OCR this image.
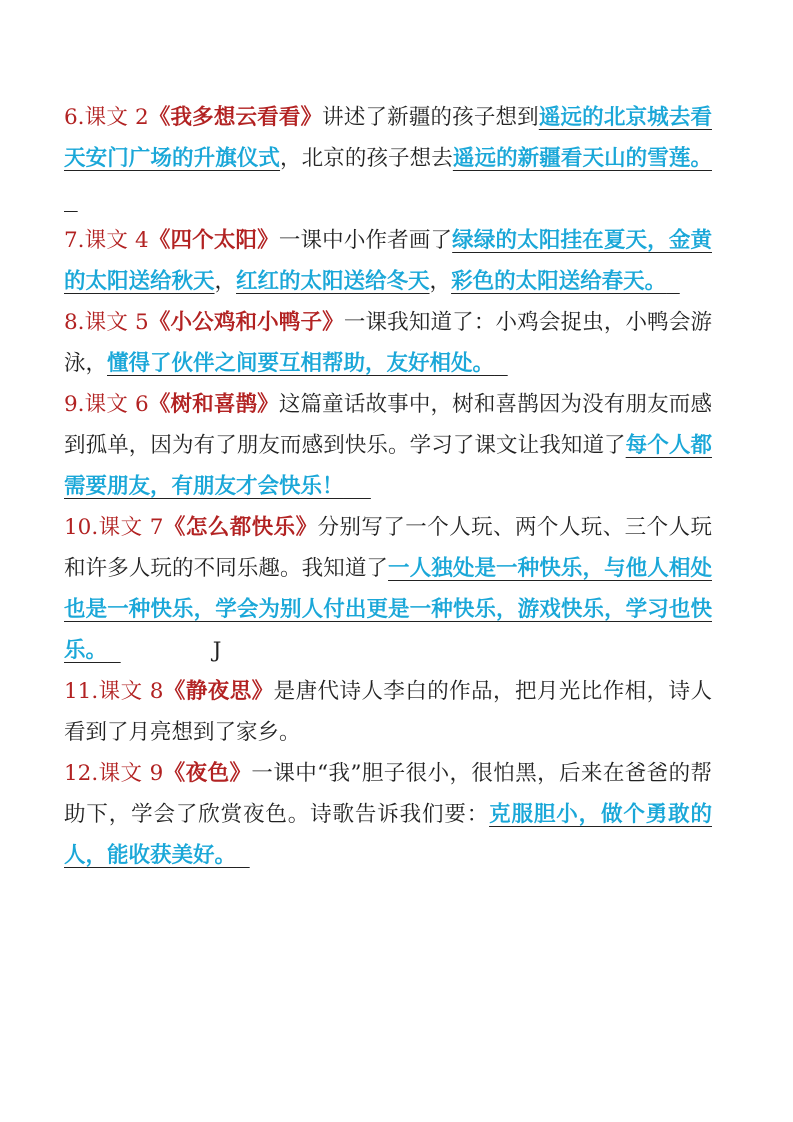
6.课文 2《我多想云看看》讲述了新疆的孩子想到遥远的北京城去看天安门广场的升旗仪式，北京的孩子想去遥远的新疆看天山的雪莲。

7.课文 4《四个太阳》一课中小作者画了绿绿的太阳挂在夏天，金黄的太阳送给秋天，红红的太阳送给冬天，彩色的太阳送给春天。

8.课文 5《小公鸡和小鸭子》一课我知道了：小鸡会捉虫，小鸭会游泳，懂得了伙伴之间要互相帮助，友好相处。

9.课文 6《树和喜鹊》这篇童话故事中，树和喜鹊因为没有朋友而感到孤单，因为有了朋友而感到快乐。学习了课文让我知道了每个人都需要朋友，有朋友才会快乐！

10.课文 7《怎么都快乐》分别写了一个人玩、两个人玩、三个人玩和许多人玩的不同乐趣。我知道了一人独处是一种快乐，与他人相处也是一种快乐，学会为别人付出更是一种快乐，游戏快乐，学习也快乐。	J

11.课文 8《静夜思》是唐代诗人李白的作品，把月光比作相，诗人看到了月亮想到了家乡。

12.课文 9《夜色》一课中“我”胆子很小，很怕黑，后来在爸爸的帮助下，学会了欣赏夜色。诗歌告诉我们要：克服胆小，做个勇敢的人，能收获美好。
